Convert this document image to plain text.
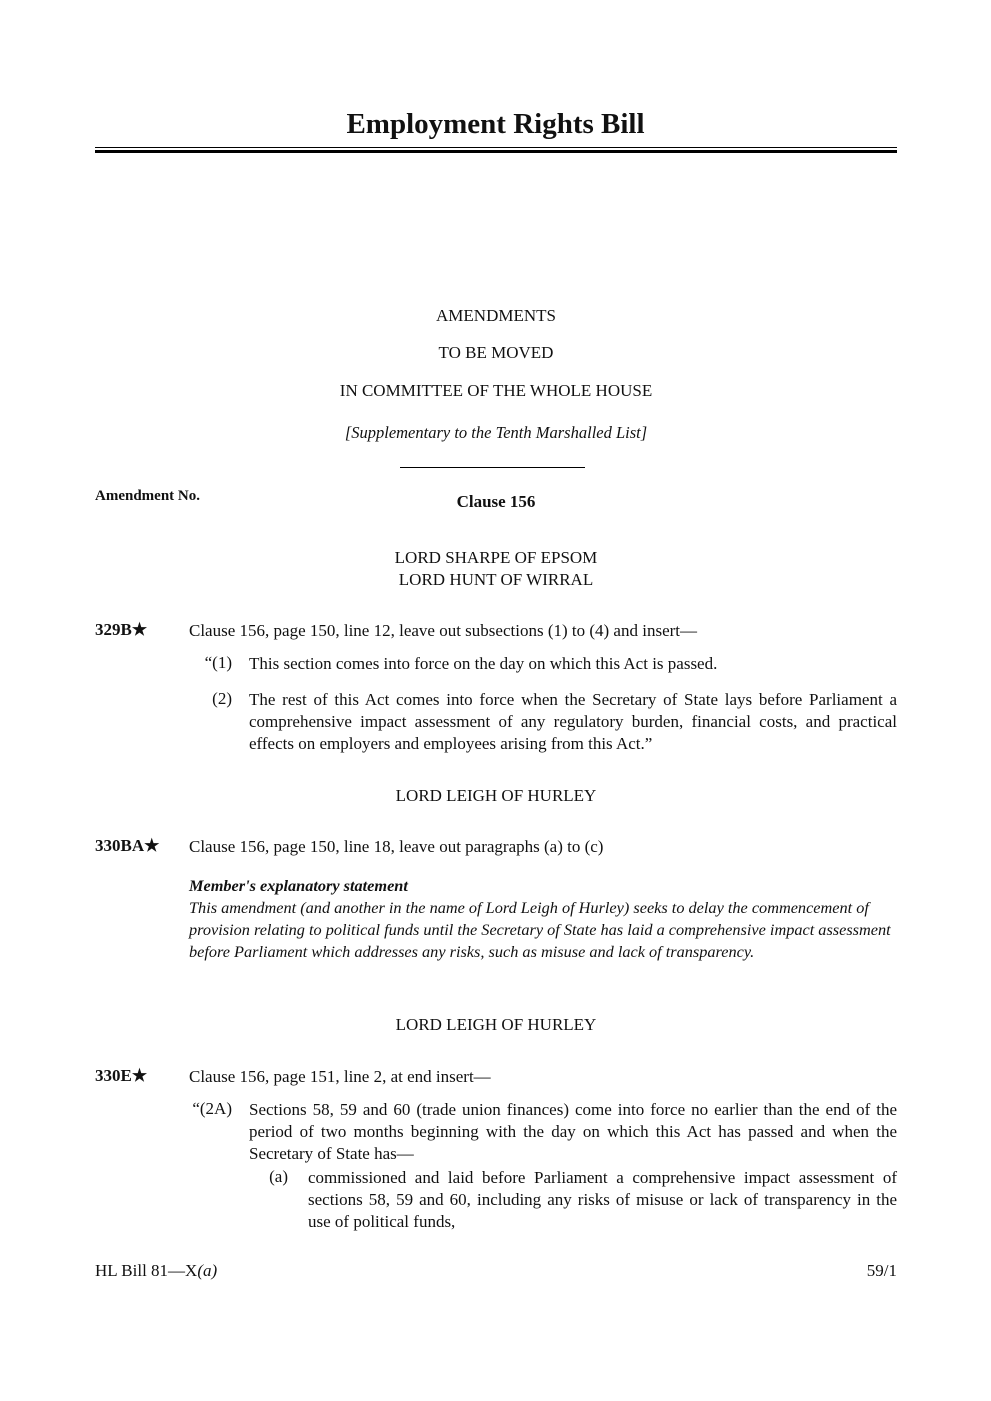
Employment Rights Bill
AMENDMENTS
TO BE MOVED
IN COMMITTEE OF THE WHOLE HOUSE
[Supplementary to the Tenth Marshalled List]
Amendment No.	Clause 156
LORD SHARPE OF EPSOM
LORD HUNT OF WIRRAL
329B★ Clause 156, page 150, line 12, leave out subsections (1) to (4) and insert—
“(1) This section comes into force on the day on which this Act is passed.
(2) The rest of this Act comes into force when the Secretary of State lays before Parliament a comprehensive impact assessment of any regulatory burden, financial costs, and practical effects on employers and employees arising from this Act.”
LORD LEIGH OF HURLEY
330BA★ Clause 156, page 150, line 18, leave out paragraphs (a) to (c)
Member's explanatory statement
This amendment (and another in the name of Lord Leigh of Hurley) seeks to delay the commencement of provision relating to political funds until the Secretary of State has laid a comprehensive impact assessment before Parliament which addresses any risks, such as misuse and lack of transparency.
LORD LEIGH OF HURLEY
330E★ Clause 156, page 151, line 2, at end insert—
“(2A) Sections 58, 59 and 60 (trade union finances) come into force no earlier than the end of the period of two months beginning with the day on which this Act has passed and when the Secretary of State has—
(a) commissioned and laid before Parliament a comprehensive impact assessment of sections 58, 59 and 60, including any risks of misuse or lack of transparency in the use of political funds,
HL Bill 81—X(a)	59/1
